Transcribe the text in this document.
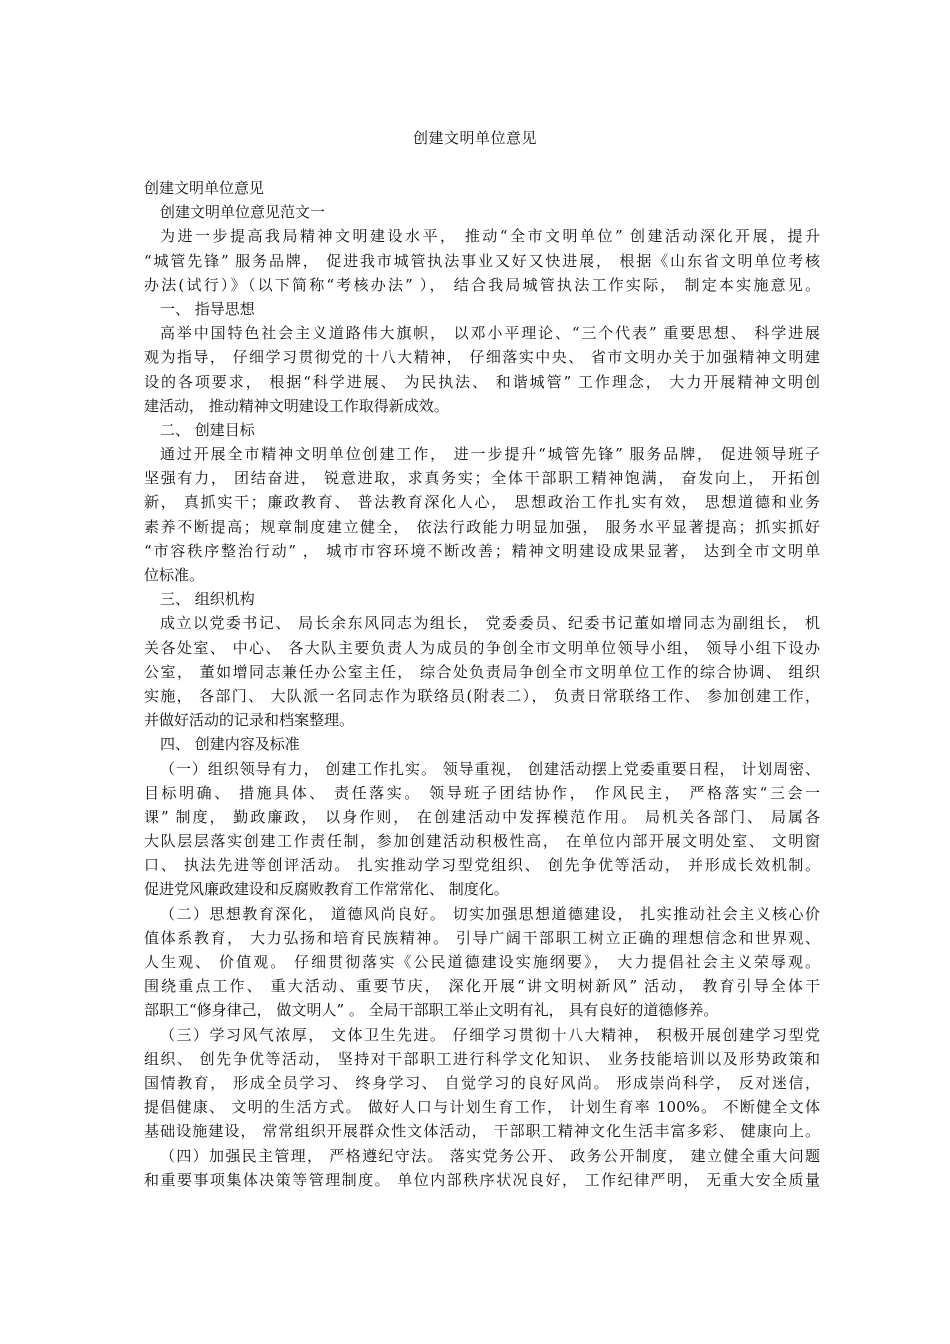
创建文明单位意见
创建文明单位意见
创建文明单位意见范文一
为进一步提高我局精神文明建设水平， 推动“全市文明单位” 创建活动深化开展，提升
“城管先锋” 服务品牌， 促进我市城管执法事业又好又快进展， 根据《山东省文明单位考核
办法(试行）》（以下简称“考核办法” ）， 结合我局城管执法工作实际， 制定本实施意见。
一、 指导思想
高举中国特色社会主义道路伟大旗帜， 以邓小平理论、“三个代表” 重要思想、 科学进展
观为指导， 仔细学习贯彻党的十八大精神， 仔细落实中央、 省市文明办关于加强精神文明建
设的各项要求， 根据“科学进展、 为民执法、 和谐城管” 工作理念， 大力开展精神文明创
建活动， 推动精神文明建设工作取得新成效。
二、 创建目标
通过开展全市精神文明单位创建工作， 进一步提升“城管先锋” 服务品牌， 促进领导班子
坚强有力， 团结奋进， 锐意进取，求真务实；全体干部职工精神饱满， 奋发向上， 开拓创
新， 真抓实干；廉政教育、 普法教育深化人心， 思想政治工作扎实有效， 思想道德和业务
素养不断提高；规章制度建立健全， 依法行政能力明显加强， 服务水平显著提高；抓实抓好
“市容秩序整治行动” ， 城市市容环境不断改善；精神文明建设成果显著， 达到全市文明单
位标准。
三、 组织机构
成立以党委书记、 局长余东风同志为组长， 党委委员、纪委书记董如增同志为副组长， 机
关各处室、 中心、 各大队主要负责人为成员的争创全市文明单位领导小组， 领导小组下设办
公室， 董如增同志兼任办公室主任， 综合处负责局争创全市文明单位工作的综合协调、 组织
实施， 各部门、 大队派一名同志作为联络员(附表二）， 负责日常联络工作、 参加创建工作，
并做好活动的记录和档案整理。
四、 创建内容及标准
（一）组织领导有力， 创建工作扎实。 领导重视， 创建活动摆上党委重要日程， 计划周密、
目标明确、 措施具体、 责任落实。 领导班子团结协作， 作风民主， 严格落实“三会一
课” 制度， 勤政廉政， 以身作则， 在创建活动中发挥模范作用。 局机关各部门、 局属各
大队层层落实创建工作责任制，参加创建活动积极性高， 在单位内部开展文明处室、 文明窗
口、 执法先进等创评活动。 扎实推动学习型党组织、 创先争优等活动， 并形成长效机制。
促进党风廉政建设和反腐败教育工作常常化、 制度化。
（二）思想教育深化， 道德风尚良好。 切实加强思想道德建设， 扎实推动社会主义核心价
值体系教育， 大力弘扬和培育民族精神。 引导广阔干部职工树立正确的理想信念和世界观、
人生观、 价值观。 仔细贯彻落实《公民道德建设实施纲要》， 大力提倡社会主义荣辱观。
围绕重点工作、 重大活动、重要节庆， 深化开展“讲文明树新风” 活动， 教育引导全体干
部职工“修身律己， 做文明人” 。 全局干部职工举止文明有礼， 具有良好的道德修养。
（三）学习风气浓厚， 文体卫生先进。 仔细学习贯彻十八大精神， 积极开展创建学习型党
组织、 创先争优等活动， 坚持对干部职工进行科学文化知识、 业务技能培训以及形势政策和
国情教育， 形成全员学习、 终身学习、 自觉学习的良好风尚。 形成崇尚科学， 反对迷信，
提倡健康、 文明的生活方式。 做好人口与计划生育工作， 计划生育率 100%。 不断健全文体
基础设施建设， 常常组织开展群众性文体活动， 干部职工精神文化生活丰富多彩、 健康向上。
（四）加强民主管理， 严格遵纪守法。 落实党务公开、 政务公开制度， 建立健全重大问题
和重要事项集体决策等管理制度。 单位内部秩序状况良好， 工作纪律严明， 无重大安全质量
